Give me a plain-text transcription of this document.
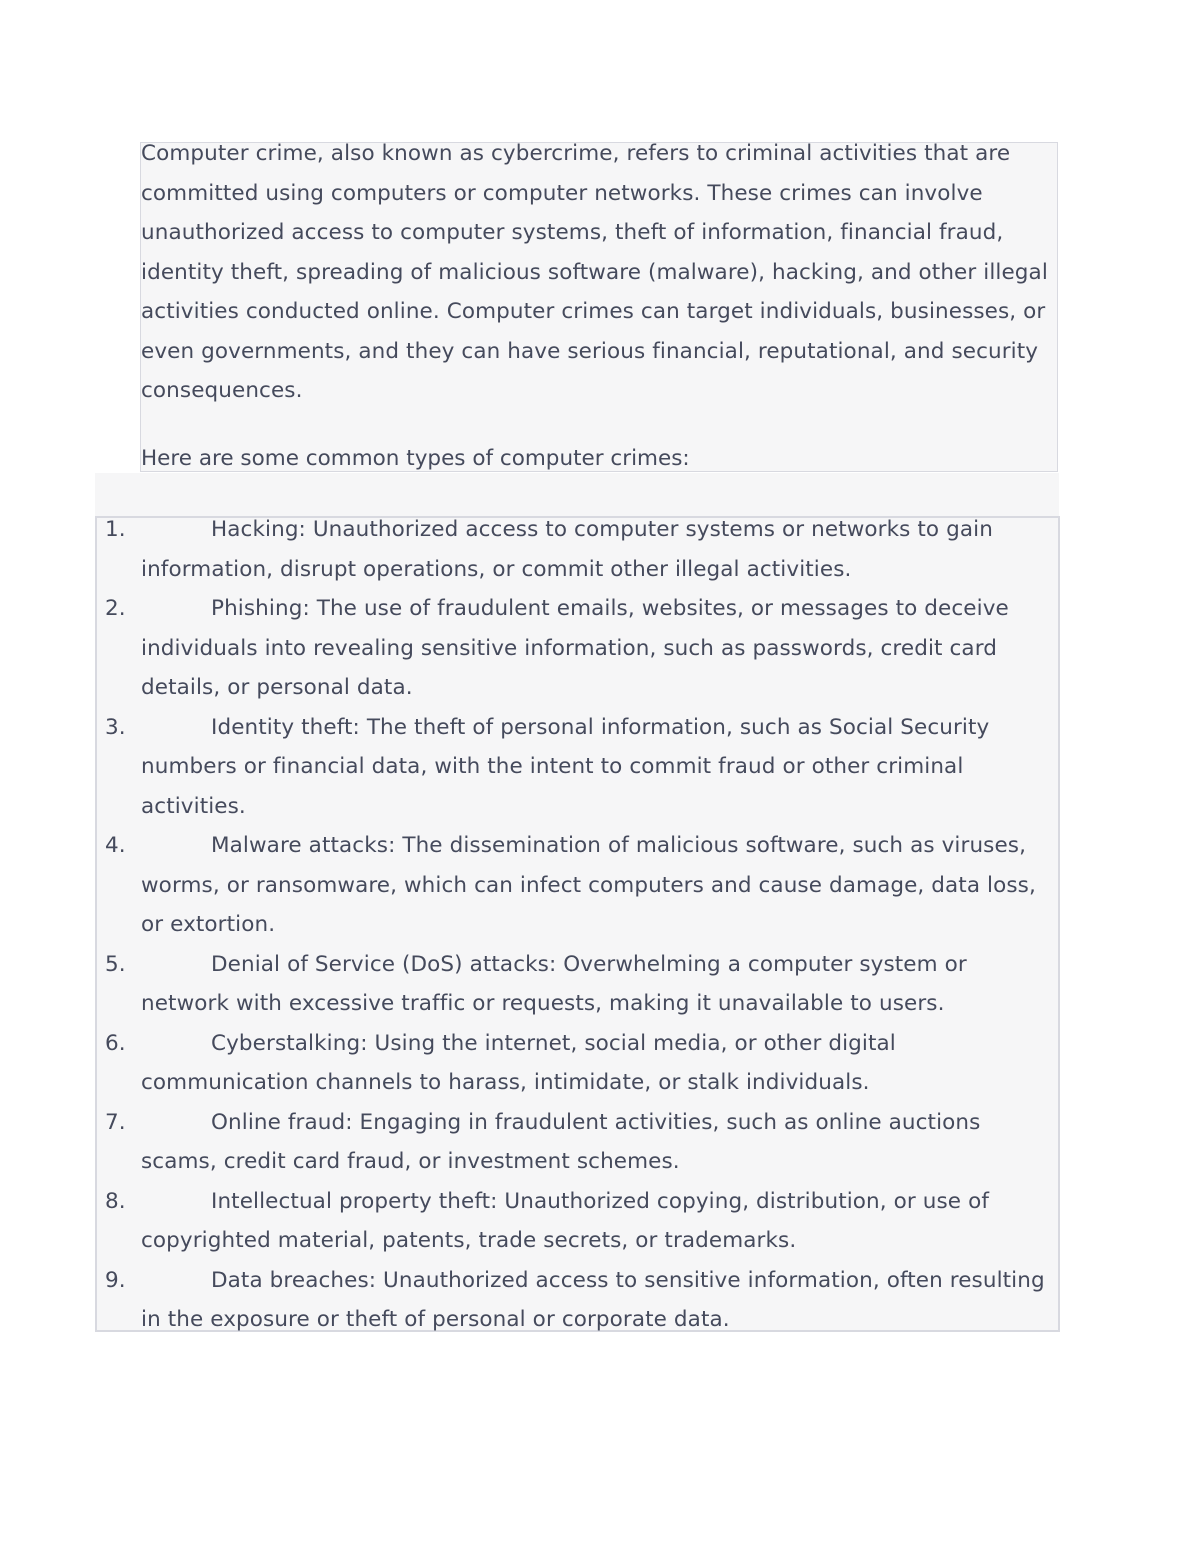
Computer crime, also known as cybercrime, refers to criminal activities that are committed using computers or computer networks. These crimes can involve unauthorized access to computer systems, theft of information, financial fraud, identity theft, spreading of malicious software (malware), hacking, and other illegal activities conducted online. Computer crimes can target individuals, businesses, or even governments, and they can have serious financial, reputational, and security consequences.

Here are some common types of computer crimes:

1.	Hacking: Unauthorized access to computer systems or networks to gain information, disrupt operations, or commit other illegal activities.
2.	Phishing: The use of fraudulent emails, websites, or messages to deceive individuals into revealing sensitive information, such as passwords, credit card details, or personal data.
3.	Identity theft: The theft of personal information, such as Social Security numbers or financial data, with the intent to commit fraud or other criminal activities.
4.	Malware attacks: The dissemination of malicious software, such as viruses, worms, or ransomware, which can infect computers and cause damage, data loss, or extortion.
5.	Denial of Service (DoS) attacks: Overwhelming a computer system or network with excessive traffic or requests, making it unavailable to users.
6.	Cyberstalking: Using the internet, social media, or other digital communication channels to harass, intimidate, or stalk individuals.
7.	Online fraud: Engaging in fraudulent activities, such as online auctions scams, credit card fraud, or investment schemes.
8.	Intellectual property theft: Unauthorized copying, distribution, or use of copyrighted material, patents, trade secrets, or trademarks.
9.	Data breaches: Unauthorized access to sensitive information, often resulting in the exposure or theft of personal or corporate data.
